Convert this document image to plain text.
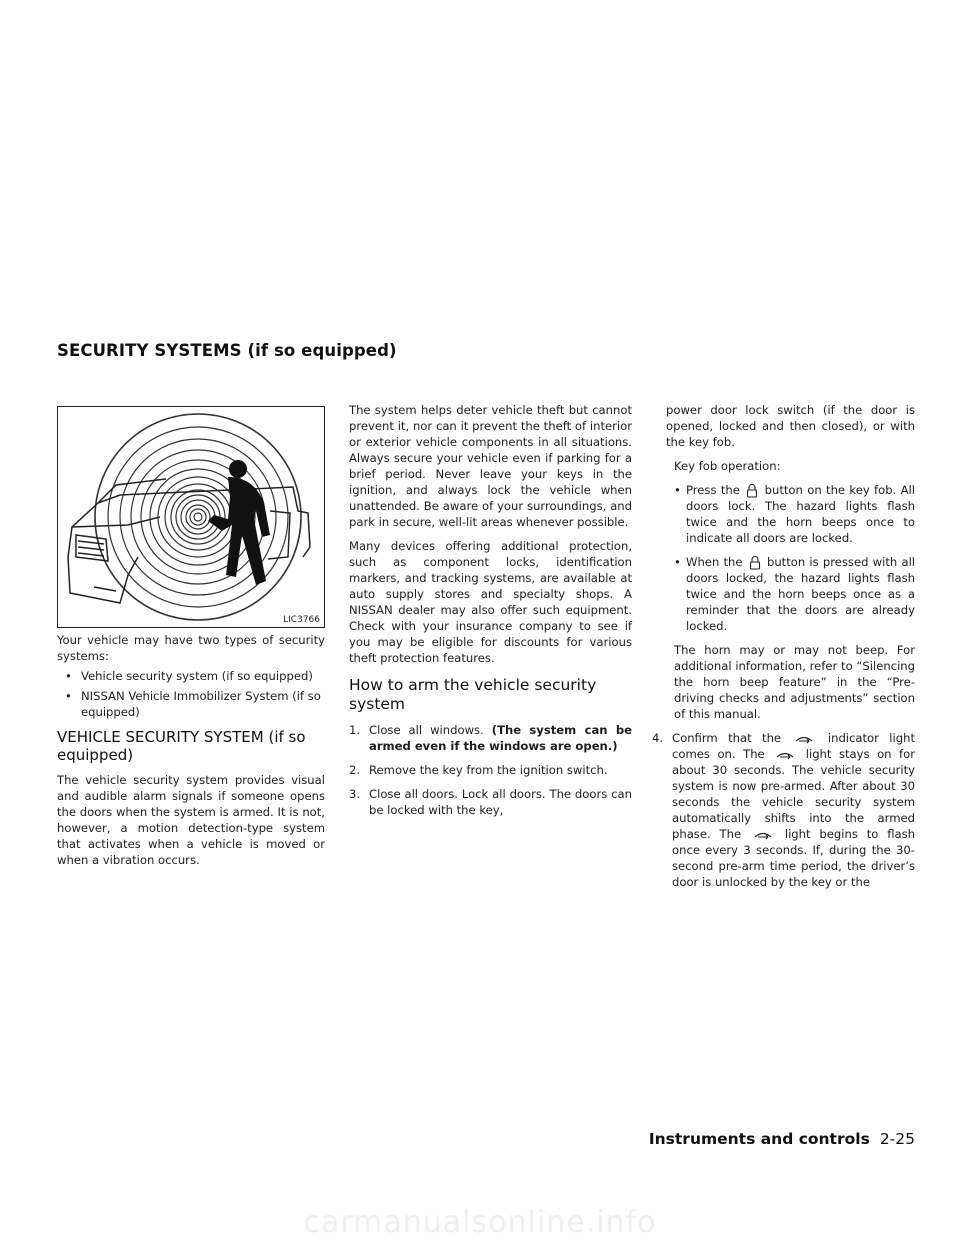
SECURITY SYSTEMS (if so equipped)
LIC3766

Your vehicle may have two types of security systems:

• Vehicle security system (if so equipped)
• NISSAN Vehicle Immobilizer System (if so equipped)
VEHICLE SECURITY SYSTEM (if so equipped)

The vehicle security system provides visual and audible alarm signals if someone opens the doors when the system is armed. It is not, however, a motion detection-type system that activates when a vehicle is moved or when a vibration occurs.

The system helps deter vehicle theft but cannot prevent it, nor can it prevent the theft of interior or exterior vehicle components in all situations. Always secure your vehicle even if parking for a brief period. Never leave your keys in the ignition, and always lock the vehicle when unattended. Be aware of your surroundings, and park in secure, well-lit areas whenever possible.

Many devices offering additional protection, such as component locks, identification markers, and tracking systems, are available at auto supply stores and specialty shops. A NISSAN dealer may also offer such equipment. Check with your insurance company to see if you may be eligible for discounts for various theft protection features.

How to arm the vehicle security system
1. Close all windows. (The system can be armed even if the windows are open.)
2. Remove the key from the ignition switch.
3. Close all doors. Lock all doors. The doors can be locked with the key,

power door lock switch (if the door is opened, locked and then closed), or with the key fob.

Key fob operation:

• Press the button on the key fob. All doors lock. The hazard lights flash twice and the horn beeps once to indicate all doors are locked.
• When the button is pressed with all doors locked, the hazard lights flash twice and the horn beeps once as a reminder that the doors are already locked.

The horn may or may not beep. For additional information, refer to “Silencing the horn beep feature” in the “Pre-driving checks and adjustments” section of this manual.

4. Confirm that the	indicator light comes on. The	light stays on for about 30 seconds. The vehicle security system is now pre-armed. After about 30 seconds the vehicle security system automatically shifts into the armed phase. The	light begins to flash once every 3 seconds. If, during the 30-second pre-arm time period, the driver’s door is unlocked by the key or the
Instruments and controls 2-25
carmanualsonline.info
